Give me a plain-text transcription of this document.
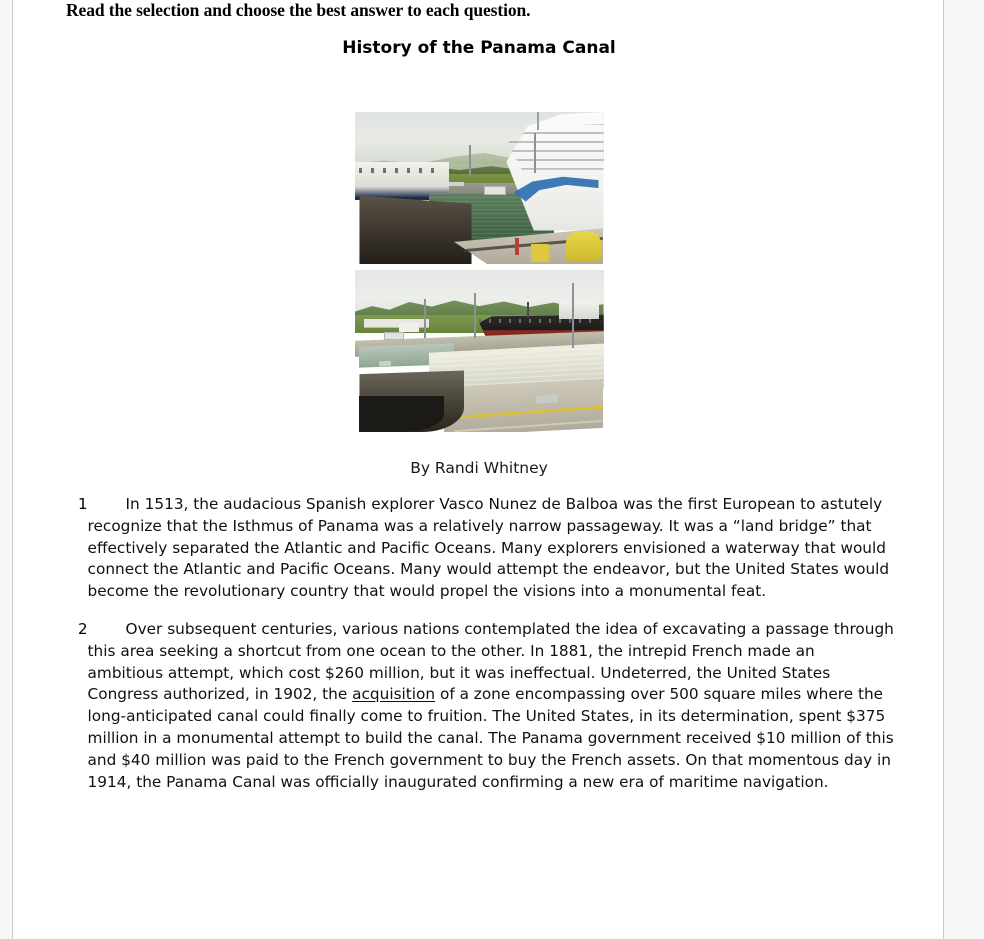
Read the selection and choose the best answer to each question.
History of the Panama Canal
By Randi Whitney
1	In 1513, the audacious Spanish explorer Vasco Nunez de Balboa was the first European to astutely recognize that the Isthmus of Panama was a relatively narrow passageway. It was a “land bridge” that effectively separated the Atlantic and Pacific Oceans. Many explorers envisioned a waterway that would connect the Atlantic and Pacific Oceans. Many would attempt the endeavor, but the United States would become the revolutionary country that would propel the visions into a monumental feat.
2	Over subsequent centuries, various nations contemplated the idea of excavating a passage through this area seeking a shortcut from one ocean to the other. In 1881, the intrepid French made an ambitious attempt, which cost $260 million, but it was ineffectual. Undeterred, the United States Congress authorized, in 1902, the acquisition of a zone encompassing over 500 square miles where the long-anticipated canal could finally come to fruition. The United States, in its determination, spent $375 million in a monumental attempt to build the canal. The Panama government received $10 million of this and $40 million was paid to the French government to buy the French assets. On that momentous day in 1914, the Panama Canal was officially inaugurated confirming a new era of maritime navigation.
